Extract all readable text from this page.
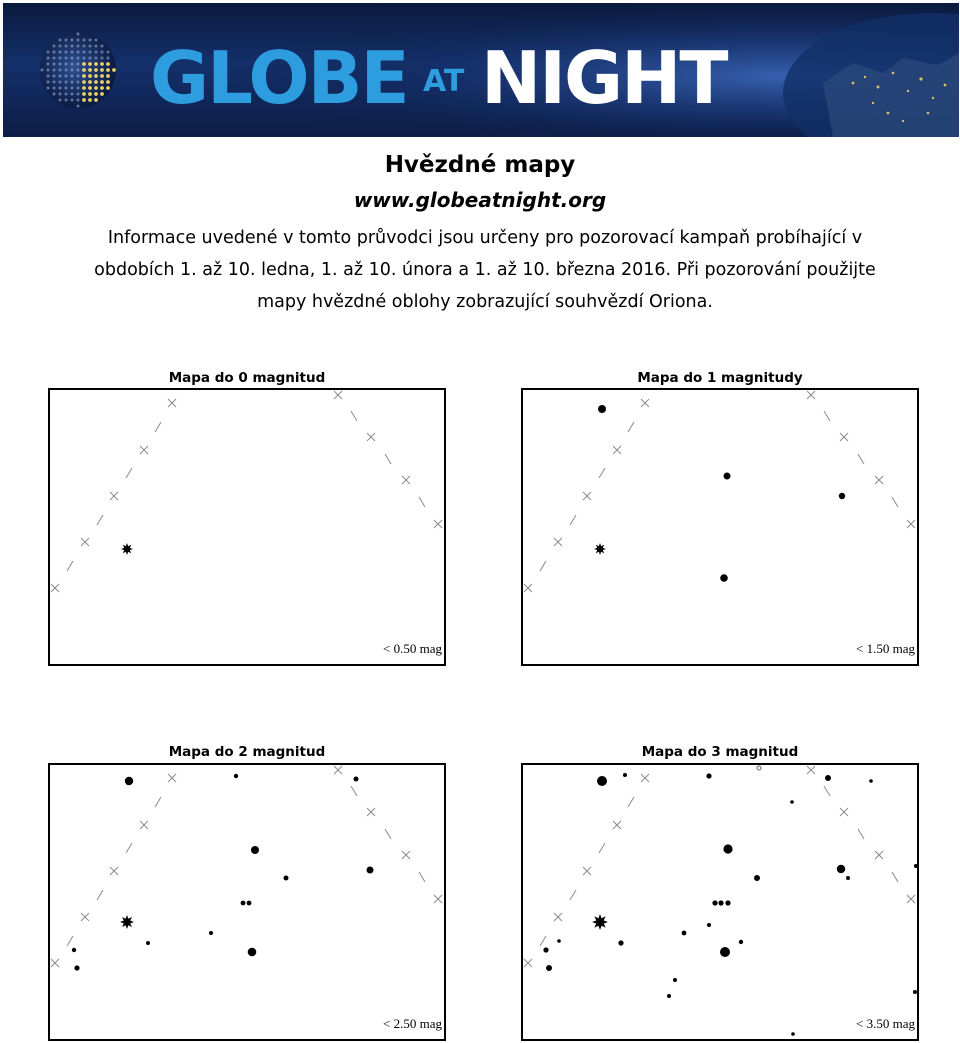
GLOBE AT NIGHT
Hvězdné mapy
www.globeatnight.org
Informace uvedené v tomto průvodci jsou určeny pro pozorovací kampaň probíhající v obdobích 1. až 10. ledna, 1. až 10. února a 1. až 10. března 2016. Při pozorování použijte mapy hvězdné oblohy zobrazující souhvězdí Oriona.
Mapa do 0 magnitud
< 0.50 mag
Mapa do 1 magnitudy
< 1.50 mag
Mapa do 2 magnitud
< 2.50 mag
Mapa do 3 magnitud
< 3.50 mag
